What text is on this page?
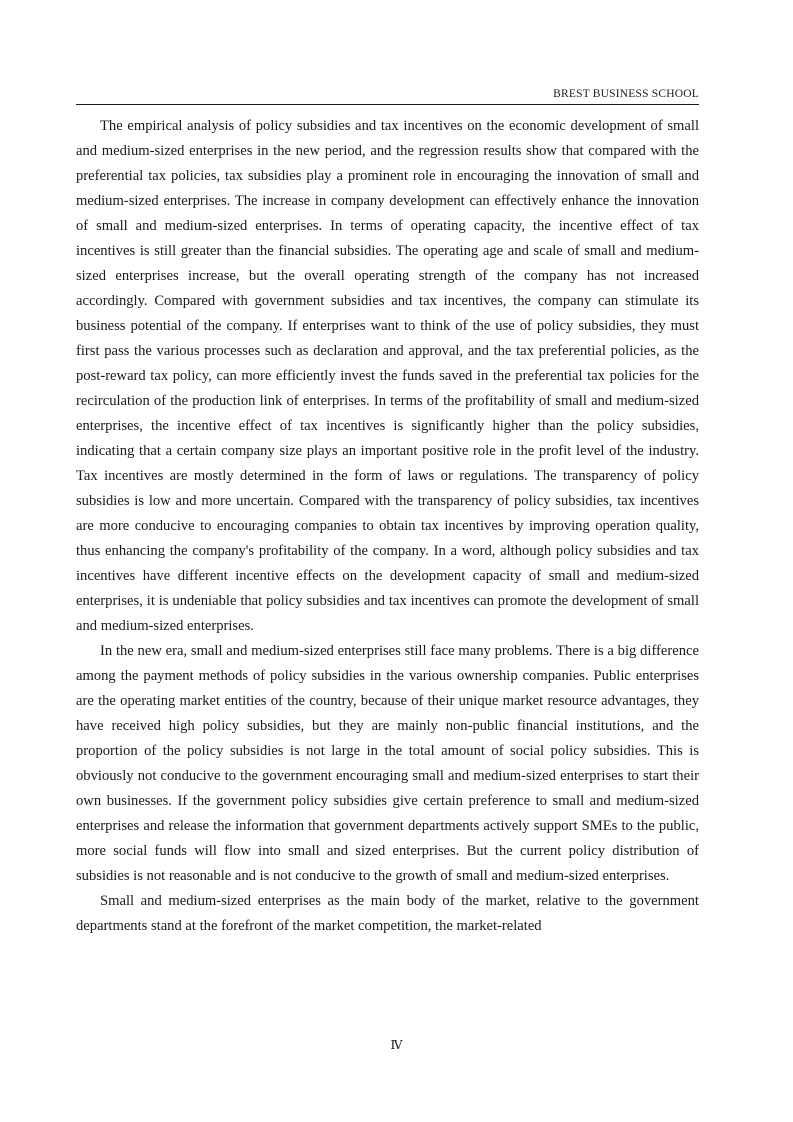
BREST BUSINESS SCHOOL

The empirical analysis of policy subsidies and tax incentives on the economic development of small and medium-sized enterprises in the new period, and the regression results show that compared with the preferential tax policies, tax subsidies play a prominent role in encouraging the innovation of small and medium-sized enterprises. The increase in company development can effectively enhance the innovation of small and medium-sized enterprises. In terms of operating capacity, the incentive effect of tax incentives is still greater than the financial subsidies. The operating age and scale of small and medium-sized enterprises increase, but the overall operating strength of the company has not increased accordingly. Compared with government subsidies and tax incentives, the company can stimulate its business potential of the company. If enterprises want to think of the use of policy subsidies, they must first pass the various processes such as declaration and approval, and the tax preferential policies, as the post-reward tax policy, can more efficiently invest the funds saved in the preferential tax policies for the recirculation of the production link of enterprises. In terms of the profitability of small and medium-sized enterprises, the incentive effect of tax incentives is significantly higher than the policy subsidies, indicating that a certain company size plays an important positive role in the profit level of the industry. Tax incentives are mostly determined in the form of laws or regulations. The transparency of policy subsidies is low and more uncertain. Compared with the transparency of policy subsidies, tax incentives are more conducive to encouraging companies to obtain tax incentives by improving operation quality, thus enhancing the company's profitability of the company. In a word, although policy subsidies and tax incentives have different incentive effects on the development capacity of small and medium-sized enterprises, it is undeniable that policy subsidies and tax incentives can promote the development of small and medium-sized enterprises.

In the new era, small and medium-sized enterprises still face many problems. There is a big difference among the payment methods of policy subsidies in the various ownership companies. Public enterprises are the operating market entities of the country, because of their unique market resource advantages, they have received high policy subsidies, but they are mainly non-public financial institutions, and the proportion of the policy subsidies is not large in the total amount of social policy subsidies. This is obviously not conducive to the government encouraging small and medium-sized enterprises to start their own businesses. If the government policy subsidies give certain preference to small and medium-sized enterprises and release the information that government departments actively support SMEs to the public, more social funds will flow into small and sized enterprises. But the current policy distribution of subsidies is not reasonable and is not conducive to the growth of small and medium-sized enterprises.

Small and medium-sized enterprises as the main body of the market, relative to the government departments stand at the forefront of the market competition, the market-related

Ⅳ
